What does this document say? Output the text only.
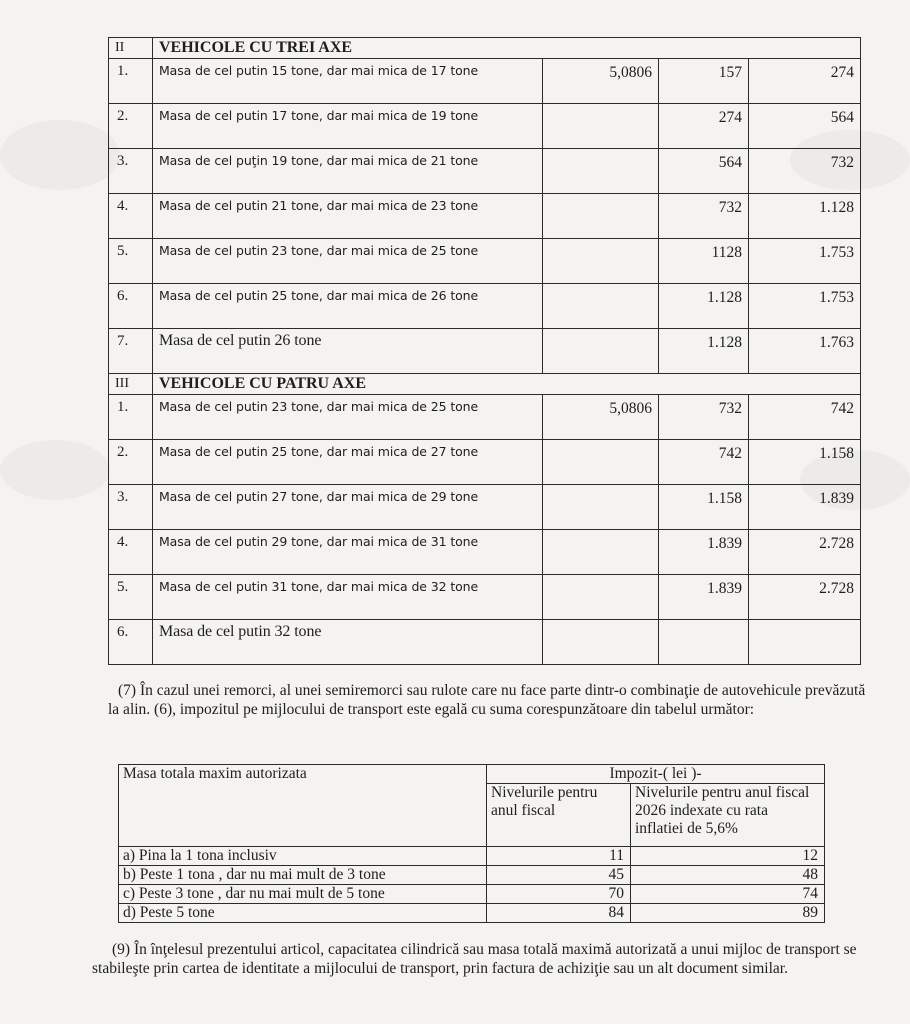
II	VEHICOLE CU TREI AXE			
1.	Masa de cel putin 15 tone, dar mai mica de 17 tone	5,0806	157	274
2.	Masa de cel putin 17 tone, dar mai mica de 19 tone		274	564
3.	Masa de cel puţin 19 tone, dar mai mica de 21 tone		564	732
4.	Masa de cel putin 21 tone, dar mai mica de 23 tone		732	1.128
5.	Masa de cel putin 23 tone, dar mai mica de 25 tone		1128	1.753
6.	Masa de cel putin 25 tone, dar mai mica de 26 tone		1.128	1.753
7.	Masa de cel putin 26 tone		1.128	1.763
III	VEHICOLE CU PATRU AXE			
1.	Masa de cel putin 23 tone, dar mai mica de 25 tone	5,0806	732	742
2.	Masa de cel putin 25 tone, dar mai mica de 27 tone		742	1.158
3.	Masa de cel putin 27 tone, dar mai mica de 29 tone		1.158	1.839
4.	Masa de cel putin 29 tone, dar mai mica de 31 tone		1.839	2.728
5.	Masa de cel putin 31 tone, dar mai mica de 32 tone		1.839	2.728
6.	Masa de cel putin 32 tone			

(7) În cazul unei remorci, al unei semiremorci sau rulote care nu face parte dintr-o combinaţie de autovehicule prevăzută la alin. (6), impozitul pe mijlocului de transport este egală cu suma corespunzătoare din tabelul următor:

Masa totala maxim autorizata	Impozit-( lei )-	
	Nivelurile pentru anul fiscal	Nivelurile pentru anul fiscal 2026 indexate cu rata inflatiei de 5,6%
a) Pina la 1 tona inclusiv	11	12
b) Peste 1 tona , dar nu mai mult de 3 tone	45	48
c) Peste 3 tone , dar nu mai mult de 5 tone	70	74
d) Peste 5 tone	84	89

(9) În înţelesul prezentului articol, capacitatea cilindrică sau masa totală maximă autorizată a unui mijloc de transport se stabileşte prin cartea de identitate a mijlocului de transport, prin factura de achiziţie sau un alt document similar.
